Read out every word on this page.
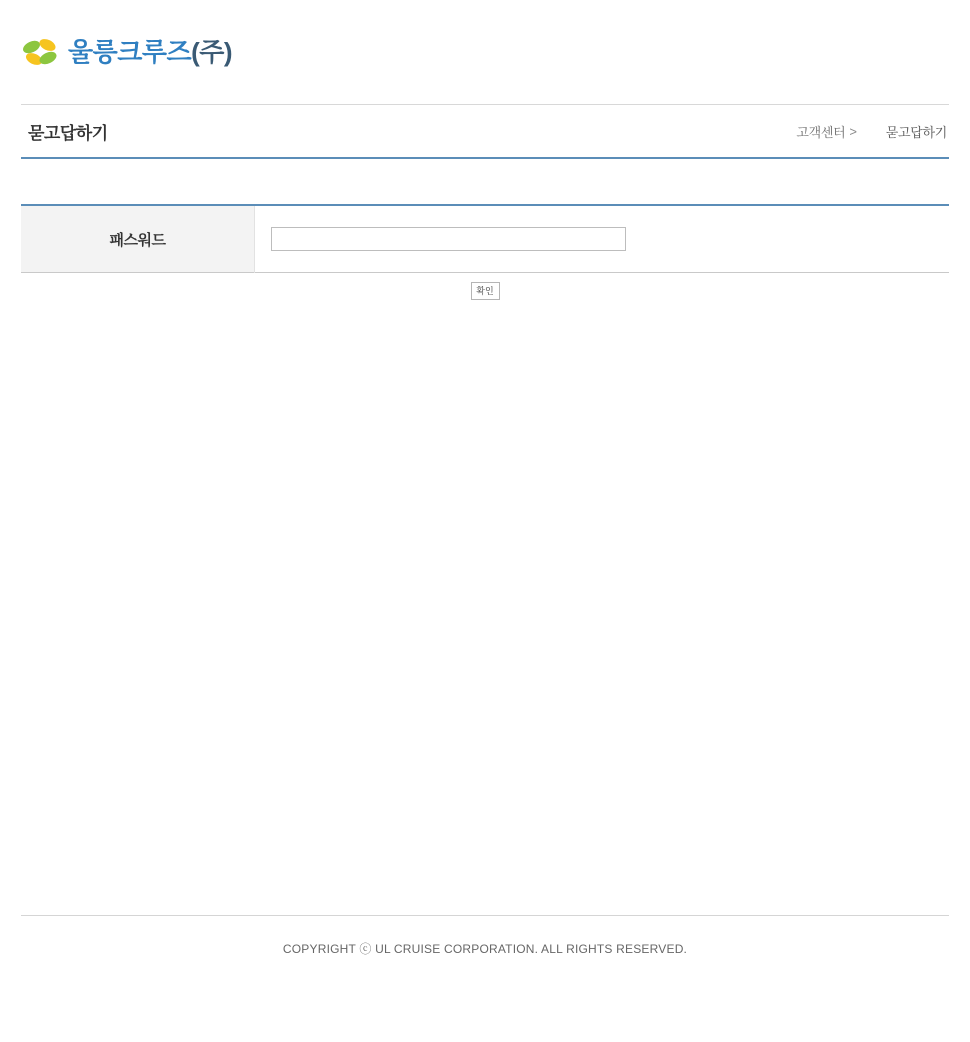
울릉크루즈(주)
묻고답하기	고객센터 > 묻고답하기
패스워드	
확인
COPYRIGHT ⓒ UL CRUISE CORPORATION. ALL RIGHTS RESERVED.
